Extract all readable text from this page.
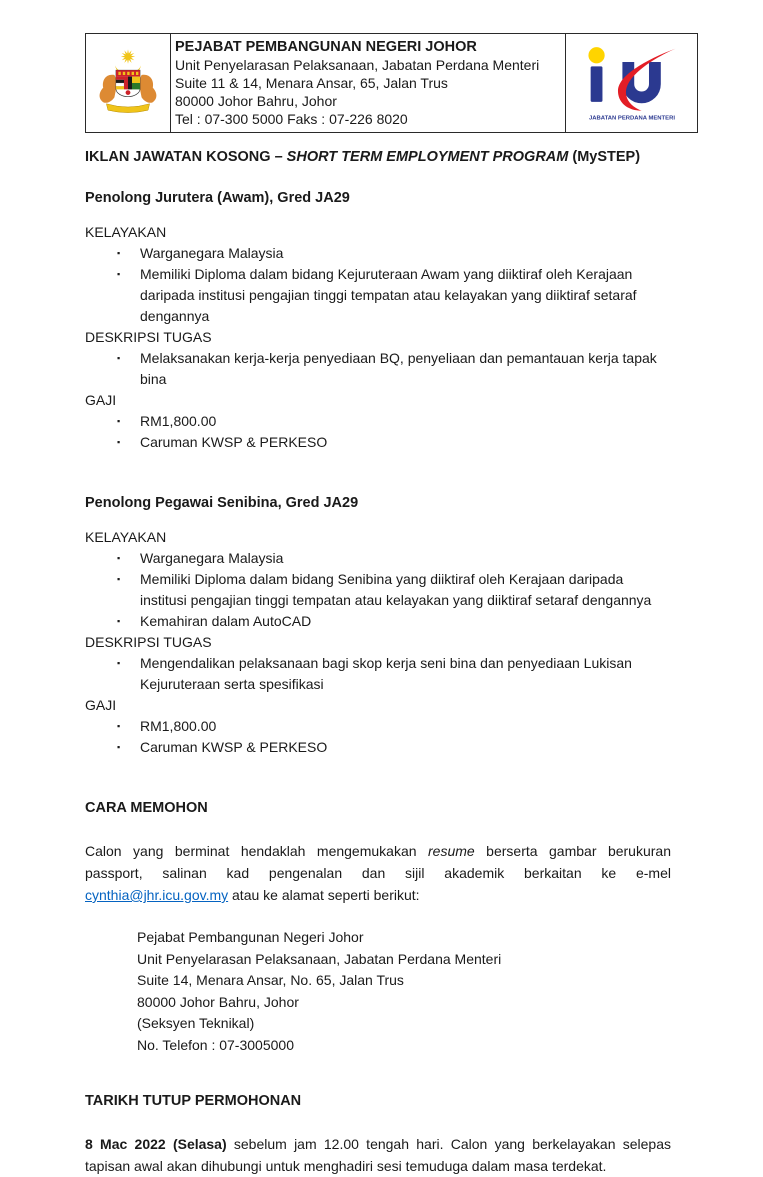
PEJABAT PEMBANGUNAN NEGERI JOHOR
Unit Penyelarasan Pelaksanaan, Jabatan Perdana Menteri
Suite 11 & 14, Menara Ansar, 65, Jalan Trus
80000 Johor Bahru, Johor
Tel : 07-300 5000 Faks : 07-226 8020	JABATAN PERDANA MENTERI

IKLAN JAWATAN KOSONG – SHORT TERM EMPLOYMENT PROGRAM (MySTEP)

Penolong Jurutera (Awam), Gred JA29
KELAYAKAN
▪	Warganegara Malaysia
▪	Memiliki Diploma dalam bidang Kejuruteraan Awam yang diiktiraf oleh Kerajaan daripada institusi pengajian tinggi tempatan atau kelayakan yang diiktiraf setaraf dengannya
DESKRIPSI TUGAS
▪	Melaksanakan kerja-kerja penyediaan BQ, penyeliaan dan pemantauan kerja tapak bina
GAJI
▪	RM1,800.00
▪	Caruman KWSP & PERKESO
Penolong Pegawai Senibina, Gred JA29
KELAYAKAN
▪	Warganegara Malaysia
▪	Memiliki Diploma dalam bidang Senibina yang diiktiraf oleh Kerajaan daripada institusi pengajian tinggi tempatan atau kelayakan yang diiktiraf setaraf dengannya
▪	Kemahiran dalam AutoCAD
DESKRIPSI TUGAS
▪	Mengendalikan pelaksanaan bagi skop kerja seni bina dan penyediaan Lukisan Kejuruteraan serta spesifikasi
GAJI
▪	RM1,800.00
▪	Caruman KWSP & PERKESO
CARA MEMOHON

Calon yang berminat hendaklah mengemukakan resume berserta gambar berukuran passport, salinan kad pengenalan dan sijil akademik berkaitan ke e-mel cynthia@jhr.icu.gov.my atau ke alamat seperti berikut:

Pejabat Pembangunan Negeri Johor
Unit Penyelarasan Pelaksanaan, Jabatan Perdana Menteri
Suite 14, Menara Ansar, No. 65, Jalan Trus
80000 Johor Bahru, Johor
(Seksyen Teknikal)
No. Telefon : 07-3005000
TARIKH TUTUP PERMOHONAN

8 Mac 2022 (Selasa) sebelum jam 12.00 tengah hari. Calon yang berkelayakan selepas tapisan awal akan dihubungi untuk menghadiri sesi temuduga dalam masa terdekat.
